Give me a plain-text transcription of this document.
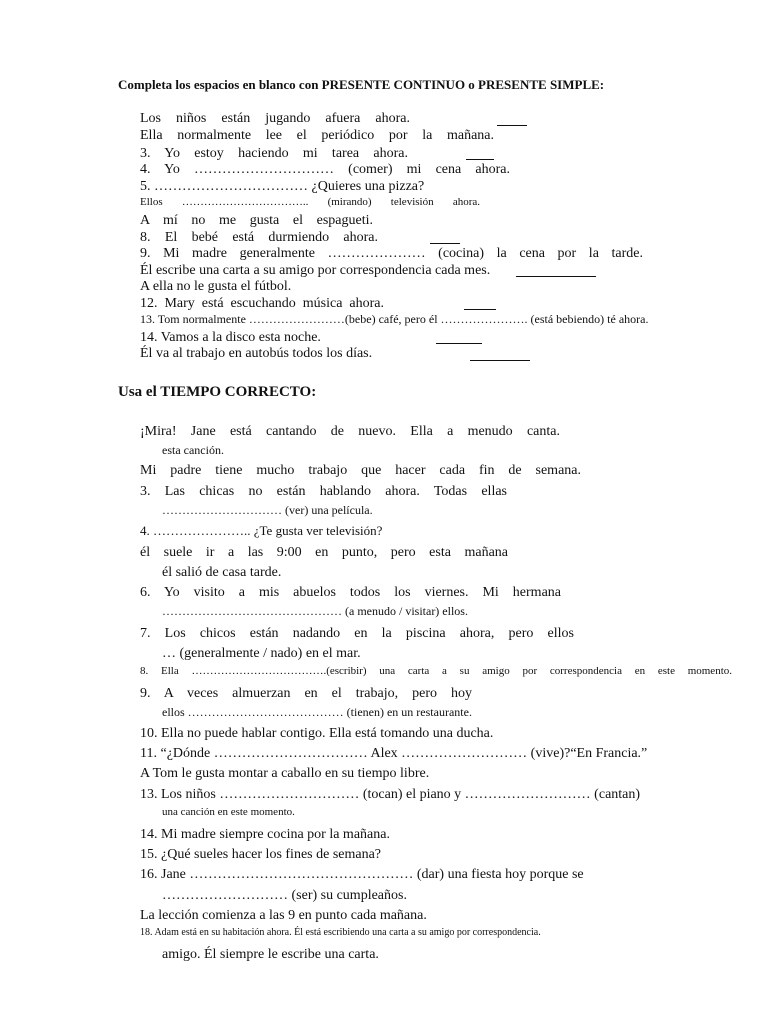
Completa los espacios en blanco con PRESENTE CONTINUO o PRESENTE SIMPLE:
Los niños están jugando afuera ahora.
Ella normalmente lee el periódico por la mañana.
3. Yo estoy haciendo mi tarea ahora.
4. Yo ………………………… (comer) mi cena ahora.
5. …………………………… ¿Quieres una pizza?
Ellos …………………………….. (mirando) televisión ahora.
A mí no me gusta el espagueti.
8. El bebé está durmiendo ahora.
9. Mi madre generalmente ………………… (cocina) la cena por la tarde.
Él escribe una carta a su amigo por correspondencia cada mes.
A ella no le gusta el fútbol.
12. Mary está escuchando música ahora.
13. Tom normalmente ……………………(bebe) café, pero él …………………. (está bebiendo) té ahora.
14. Vamos a la disco esta noche.
Él va al trabajo en autobús todos los días.
Usa el TIEMPO CORRECTO:
¡Mira! Jane está cantando de nuevo. Ella a menudo canta.
esta canción.
Mi padre tiene mucho trabajo que hacer cada fin de semana.
3. Las chicas no están hablando ahora. Todas ellas
………………………… (ver) una película.
4. ………………….. ¿Te gusta ver televisión?
él suele ir a las 9:00 en punto, pero esta mañana
él salió de casa tarde.
6. Yo visito a mis abuelos todos los viernes. Mi hermana
……………………………………… (a menudo / visitar) ellos.
7. Los chicos están nadando en la piscina ahora, pero ellos
… (generalmente / nado) en el mar.
8. Ella ……………………………….(escribir) una carta a su amigo por correspondencia en este momento.
9. A veces almuerzan en el trabajo, pero hoy
ellos ………………………………… (tienen) en un restaurante.
10. Ella no puede hablar contigo. Ella está tomando una ducha.
11. “¿Dónde …………………………… Alex ……………………… (vive)?“En Francia.”
A Tom le gusta montar a caballo en su tiempo libre.
13. Los niños ………………………… (tocan) el piano y ……………………… (cantan)
una canción en este momento.
14. Mi madre siempre cocina por la mañana.
15. ¿Qué sueles hacer los fines de semana?
16. Jane ………………………………………… (dar) una fiesta hoy porque se
……………………… (ser) su cumpleaños.
La lección comienza a las 9 en punto cada mañana.
18. Adam está en su habitación ahora. Él está escribiendo una carta a su amigo por correspondencia.
amigo. Él siempre le escribe una carta.
